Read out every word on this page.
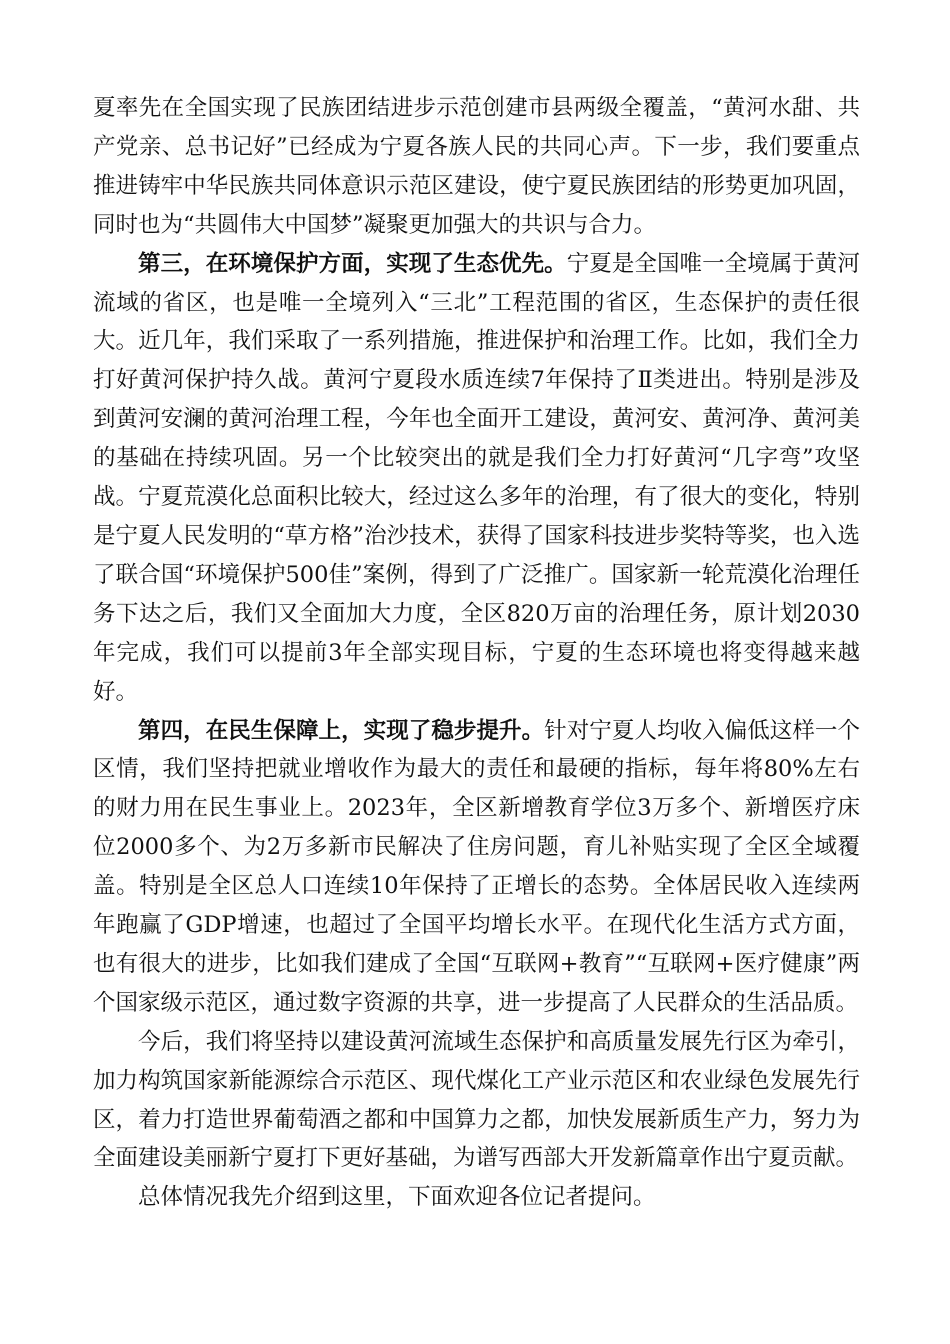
夏率先在全国实现了民族团结进步示范创建市县两级全覆盖，“黄河水甜、共产党亲、总书记好”已经成为宁夏各族人民的共同心声。下一步，我们要重点推进铸牢中华民族共同体意识示范区建设，使宁夏民族团结的形势更加巩固，同时也为“共圆伟大中国梦”凝聚更加强大的共识与合力。

第三，在环境保护方面，实现了生态优先。宁夏是全国唯一全境属于黄河流域的省区，也是唯一全境列入“三北”工程范围的省区，生态保护的责任很大。近几年，我们采取了一系列措施，推进保护和治理工作。比如，我们全力打好黄河保护持久战。黄河宁夏段水质连续7年保持了Ⅱ类进出。特别是涉及到黄河安澜的黄河治理工程，今年也全面开工建设，黄河安、黄河净、黄河美的基础在持续巩固。另一个比较突出的就是我们全力打好黄河“几字弯”攻坚战。宁夏荒漠化总面积比较大，经过这么多年的治理，有了很大的变化，特别是宁夏人民发明的“草方格”治沙技术，获得了国家科技进步奖特等奖，也入选了联合国“环境保护500佳”案例，得到了广泛推广。国家新一轮荒漠化治理任务下达之后，我们又全面加大力度，全区820万亩的治理任务，原计划2030年完成，我们可以提前3年全部实现目标，宁夏的生态环境也将变得越来越好。

第四，在民生保障上，实现了稳步提升。针对宁夏人均收入偏低这样一个区情，我们坚持把就业增收作为最大的责任和最硬的指标，每年将80%左右的财力用在民生事业上。2023年，全区新增教育学位3万多个、新增医疗床位2000多个、为2万多新市民解决了住房问题，育儿补贴实现了全区全域覆盖。特别是全区总人口连续10年保持了正增长的态势。全体居民收入连续两年跑赢了GDP增速，也超过了全国平均增长水平。在现代化生活方式方面，也有很大的进步，比如我们建成了全国“互联网+教育”“互联网+医疗健康”两个国家级示范区，通过数字资源的共享，进一步提高了人民群众的生活品质。

今后，我们将坚持以建设黄河流域生态保护和高质量发展先行区为牵引，加力构筑国家新能源综合示范区、现代煤化工产业示范区和农业绿色发展先行区，着力打造世界葡萄酒之都和中国算力之都，加快发展新质生产力，努力为全面建设美丽新宁夏打下更好基础，为谱写西部大开发新篇章作出宁夏贡献。

总体情况我先介绍到这里，下面欢迎各位记者提问。
